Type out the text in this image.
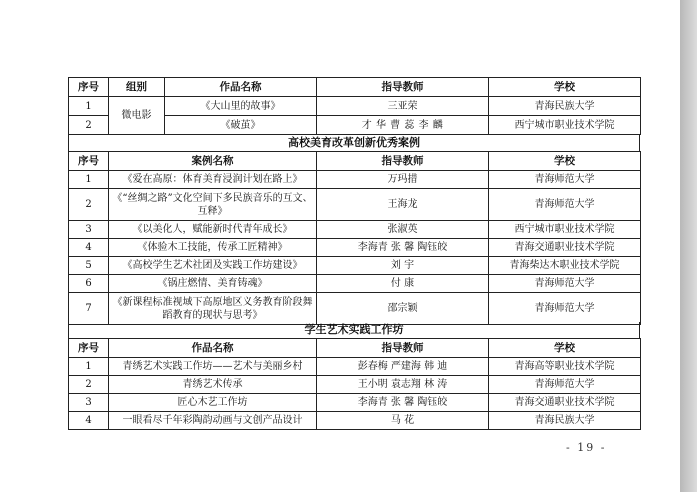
序号	组别	作品名称	指导教师	学校
1	微电影	《大山里的故事》	三亚荣	青海民族大学
2		《破茧》	才 华 曹 蕊 李 麟	西宁城市职业技术学院
高校美育改革创新优秀案例
序号	案例名称	指导教师	学校
1	《爱在高原：体育美育浸润计划在路上》	万玛措	青海师范大学
2	《“丝绸之路”文化空间下多民族音乐的互文、互释》	王海龙	青海师范大学
3	《以美化人，赋能新时代青年成长》	张淑英	西宁城市职业技术学院
4	《体验木工技能，传承工匠精神》	李海青 张 馨 陶钰皎	青海交通职业技术学院
5	《高校学生艺术社团及实践工作坊建设》	刘 宇	青海柴达木职业技术学院
6	《锅庄燃情、美育铸魂》	付 康	青海师范大学
7	《新课程标准视域下高原地区义务教育阶段舞蹈教育的现状与思考》	邵宗颖	青海师范大学
学生艺术实践工作坊
序号	作品名称	指导教师	学校
1	青绣艺术实践工作坊——艺术与美丽乡村	彭春梅 严建海 韩 迪	青海高等职业技术学院
2	青绣艺术传承	王小明 袁志翔 林 涛	青海师范大学
3	匠心木艺工作坊	李海青 张 馨 陶钰皎	青海交通职业技术学院
4	一眼看尽千年彩陶韵动画与文创产品设计	马 花	青海民族大学
- 19 -
